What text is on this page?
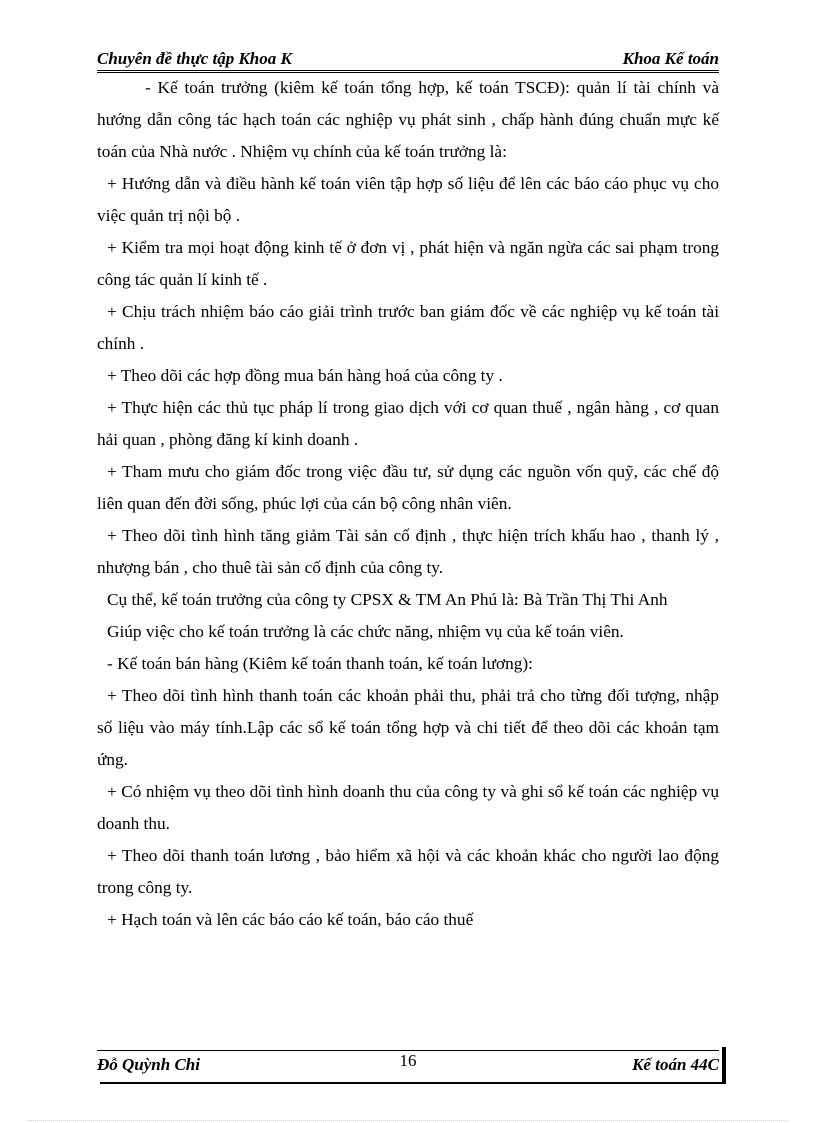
Chuyên đề thực tập Khoa K	Khoa Kế toán

- Kế toán trưởng (kiêm kế toán tổng hợp, kế toán TSCĐ): quản lí tài chính và hướng dẫn công tác hạch toán các nghiệp vụ phát sinh , chấp hành đúng chuẩn mực kế toán của Nhà nước . Nhiệm vụ chính của kế toán trưởng là:

+ Hướng dẫn và điều hành kế toán viên tập hợp số liệu để lên các báo cáo phục vụ cho việc quản trị nội bộ .

+ Kiểm tra mọi hoạt động kinh tế ở đơn vị , phát hiện và ngăn ngừa các sai phạm trong công tác quản lí kinh tế .

+ Chịu trách nhiệm báo cáo giải trình trước ban giám đốc về các nghiệp vụ kế toán tài chính .

+ Theo dõi các hợp đồng mua bán hàng hoá của công ty .

+ Thực hiện các thủ tục pháp lí trong giao dịch với cơ quan thuế , ngân hàng , cơ quan hải quan , phòng đăng kí kinh doanh .

+ Tham mưu cho giám đốc trong việc đầu tư, sử dụng các nguồn vốn quỹ, các chế độ liên quan đến đời sống, phúc lợi của cán bộ công nhân viên.

+ Theo dõi tình hình tăng giảm Tài sản cố định , thực hiện trích khấu hao , thanh lý , nhượng bán , cho thuê tài sản cố định của công ty.

Cụ thể, kế toán trưởng của công ty CPSX & TM An Phú là: Bà Trần Thị Thi Anh

Giúp việc cho kế toán trưởng là các chức năng, nhiệm vụ của kế toán viên.

- Kế toán bán hàng (Kiêm kế toán thanh toán, kế toán lương):

+ Theo dõi tình hình thanh toán các khoản phải thu, phải trả cho từng đối tượng, nhập số liệu vào máy tính.Lập các sổ kế toán tổng hợp và chi tiết để theo dõi các khoản tạm ứng.

+ Có nhiệm vụ theo dõi tình hình doanh thu của công ty và ghi sổ kế toán các nghiệp vụ doanh thu.

+ Theo dõi thanh toán lương , bảo hiểm xã hội và các khoản khác cho người lao động trong công ty.

+ Hạch toán và lên các báo cáo kế toán, báo cáo thuế

Đỗ Quỳnh Chi	16	Kế toán 44C
